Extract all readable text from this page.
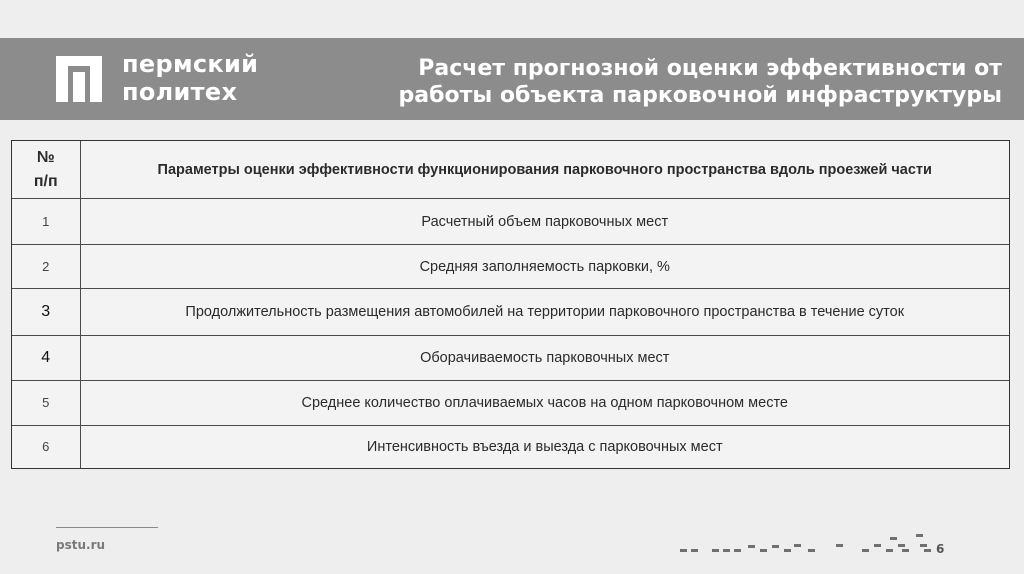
пермский
политех
Расчет прогнозной оценки эффективности от
работы объекта парковочной инфраструктуры
№
п/п	Параметры оценки эффективности функционирования парковочного пространства вдоль проезжей части
1	Расчетный объем парковочных мест
2	Средняя заполняемость парковки, %
3	Продолжительность размещения автомобилей на территории парковочного пространства в течение суток
4	Оборачиваемость парковочных мест
5	Среднее количество оплачиваемых часов на одном парковочном месте
6	Интенсивность въезда и выезда с парковочных мест
pstu.ru	6
